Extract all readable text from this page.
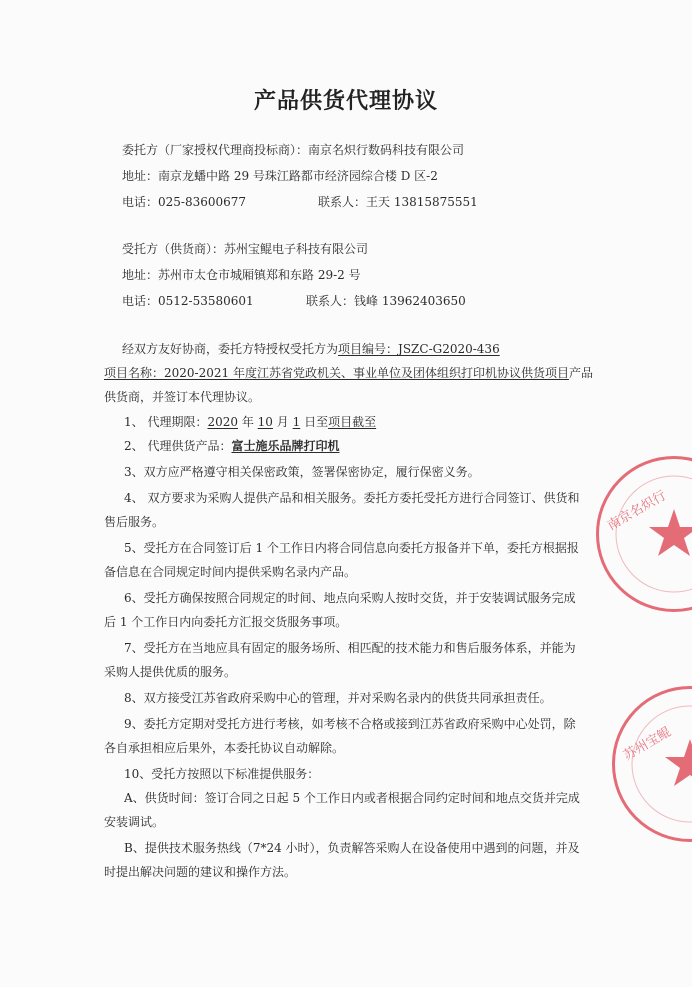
产品供货代理协议
委托方（厂家授权代理商投标商）：南京名炽行数码科技有限公司
地址：南京龙蟠中路 29 号珠江路都市经济园综合楼 D 区-2
电话：025-83600677	联系人：王天 13815875551
受托方（供货商）：苏州宝鲲电子科技有限公司
地址：苏州市太仓市城厢镇郑和东路 29-2 号
电话：0512-53580601	联系人：钱峰 13962403650
经双方友好协商，委托方特授权受托方为项目编号：JSZC-G2020-436
项目名称：2020-2021 年度江苏省党政机关、事业单位及团体组织打印机协议供货项目产品
供货商，并签订本代理协议。
1、 代理期限：2020 年 10 月 1 日至项目截至
2、 代理供货产品：富士施乐品牌打印机
3、双方应严格遵守相关保密政策，签署保密协定，履行保密义务。
4、 双方要求为采购人提供产品和相关服务。委托方委托受托方进行合同签订、供货和
售后服务。
5、受托方在合同签订后 1 个工作日内将合同信息向委托方报备并下单，委托方根据报
备信息在合同规定时间内提供采购名录内产品。
6、受托方确保按照合同规定的时间、地点向采购人按时交货，并于安装调试服务完成
后 1 个工作日内向委托方汇报交货服务事项。
7、受托方在当地应具有固定的服务场所、相匹配的技术能力和售后服务体系，并能为
采购人提供优质的服务。
8、双方接受江苏省政府采购中心的管理，并对采购名录内的供货共同承担责任。
9、委托方定期对受托方进行考核，如考核不合格或接到江苏省政府采购中心处罚，除
各自承担相应后果外，本委托协议自动解除。
10、受托方按照以下标准提供服务：
A、供货时间：签订合同之日起 5 个工作日内或者根据合同约定时间和地点交货并完成
安装调试。
B、提供技术服务热线（7*24 小时），负责解答采购人在设备使用中遇到的问题，并及
时提出解决问题的建议和操作方法。
南京名炽行
苏州宝鲲
